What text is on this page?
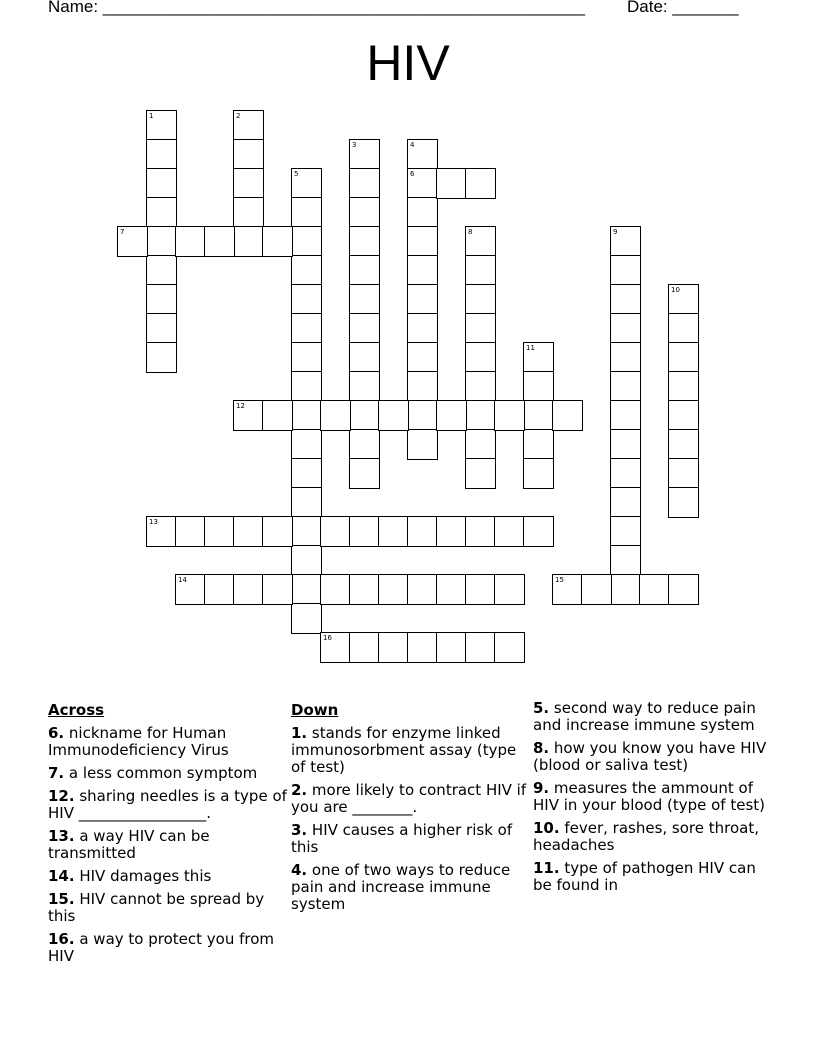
Name: ___________________________________________________ Date: _______
HIV
1	2
3	4
6
5
7	8	9
10
11
12
13
14	15
16
Across
6. nickname for Human Immunodeficiency Virus
7. a less common symptom
12. sharing needles is a type of HIV _________________.
13. a way HIV can be transmitted
14. HIV damages this
15. HIV cannot be spread by this
16. a way to protect you from HIV
Down
1. stands for enzyme linked immunosorbment assay (type of test)
2. more likely to contract HIV if you are ________.
3. HIV causes a higher risk of this
4. one of two ways to reduce pain and increase immune system
5. second way to reduce pain and increase immune system
8. how you know you have HIV (blood or saliva test)
9. measures the ammount of HIV in your blood (type of test)
10. fever, rashes, sore throat, headaches
11. type of pathogen HIV can be found in
